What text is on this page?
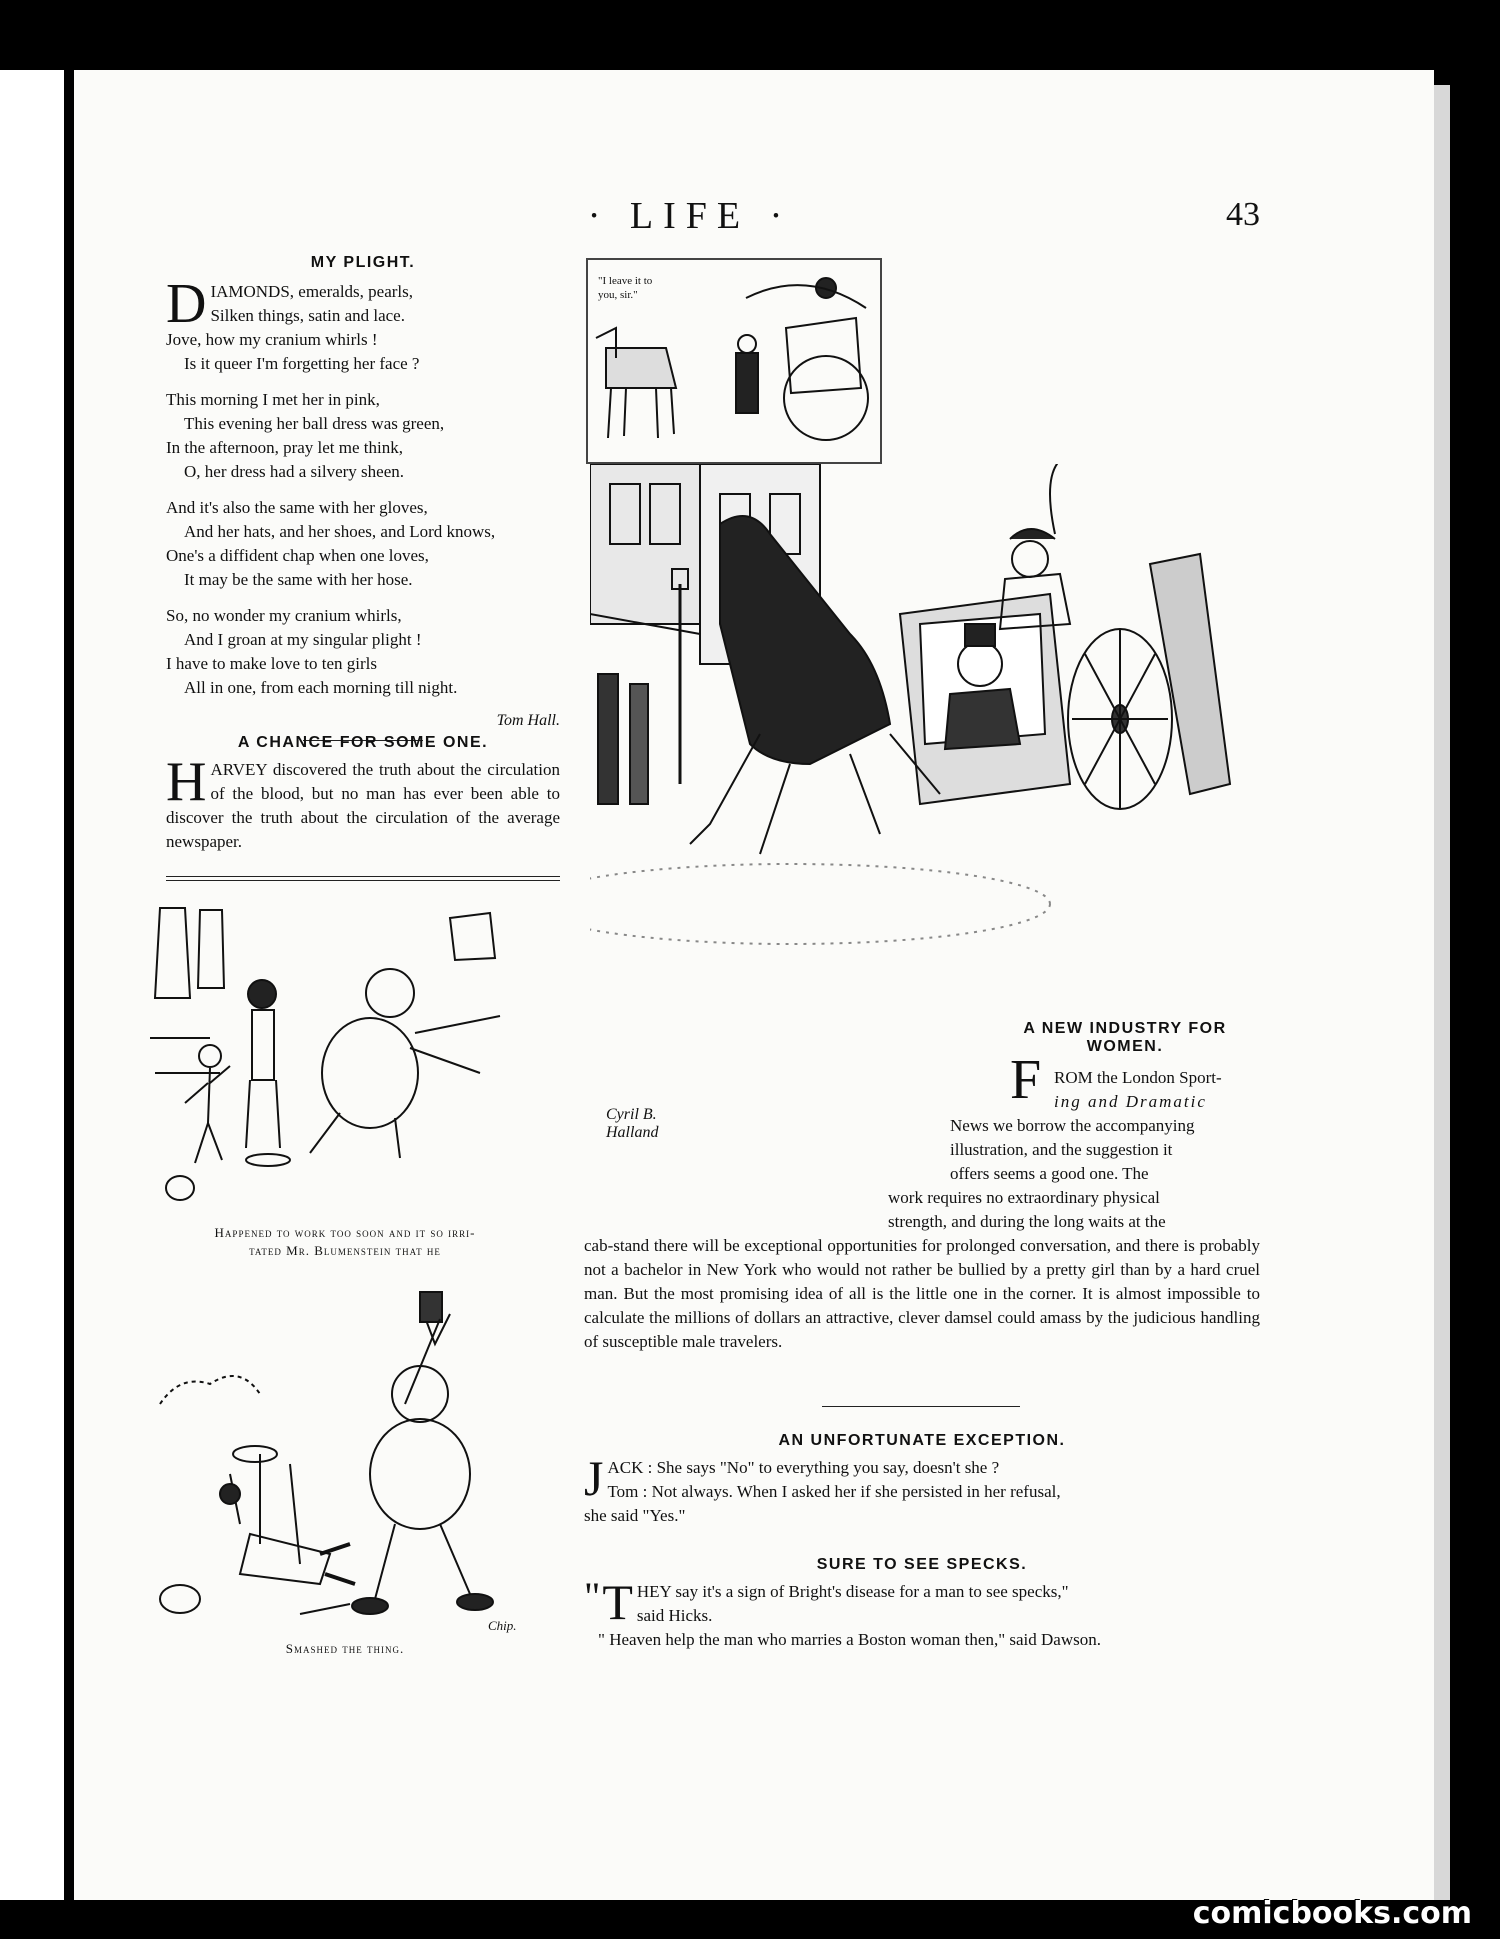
· LIFE ·	43
MY PLIGHT.
DIAMONDS, emeralds, pearls,
Silken things, satin and lace.
Jove, how my cranium whirls !
Is it queer I'm forgetting her face ?
This morning I met her in pink,
This evening her ball dress was green,
In the afternoon, pray let me think,
O, her dress had a silvery sheen.
And it's also the same with her gloves,
And her hats, and her shoes, and Lord knows,
One's a diffident chap when one loves,
It may be the same with her hose.
So, no wonder my cranium whirls,
And I groan at my singular plight !
I have to make love to ten girls
All in one, from each morning till night.
Tom Hall.
A CHANCE FOR SOME ONE.

HARVEY discovered the truth about the circulation of the blood, but no man has ever been able to discover the truth about the circulation of the average newspaper.

Happened to work too soon and it so irri-
tated Mr. Blumenstein that he
Chip.
Smashed the thing.
"I leave it to
you, sir."
Cyril B.
Halland
A NEW INDUSTRY FOR
WOMEN.
F ROM the London Sport-
ing and Dramatic
News we borrow the accompanying
illustration, and the suggestion it
offers seems a good one. The
work requires no extraordinary physical
strength, and during the long waits at the
cab-stand there will be exceptional opportunities for prolonged conversation, and there is probably not a bachelor in New York who would not rather be bullied by a pretty girl than by a hard cruel man. But the most promising idea of all is the little one in the corner. It is almost impossible to calculate the millions of dollars an attractive, clever damsel could amass by the judicious handling of susceptible male travelers.
AN UNFORTUNATE EXCEPTION.
J ACK : She says "No" to everything you say, doesn't she ?
Tom : Not always. When I asked her if she persisted in her refusal,
she said "Yes."
SURE TO SEE SPECKS.
" T HEY say it's a sign of Bright's disease for a man to see specks,"
said Hicks.
" Heaven help the man who marries a Boston woman then," said Dawson.
comicbooks.com
